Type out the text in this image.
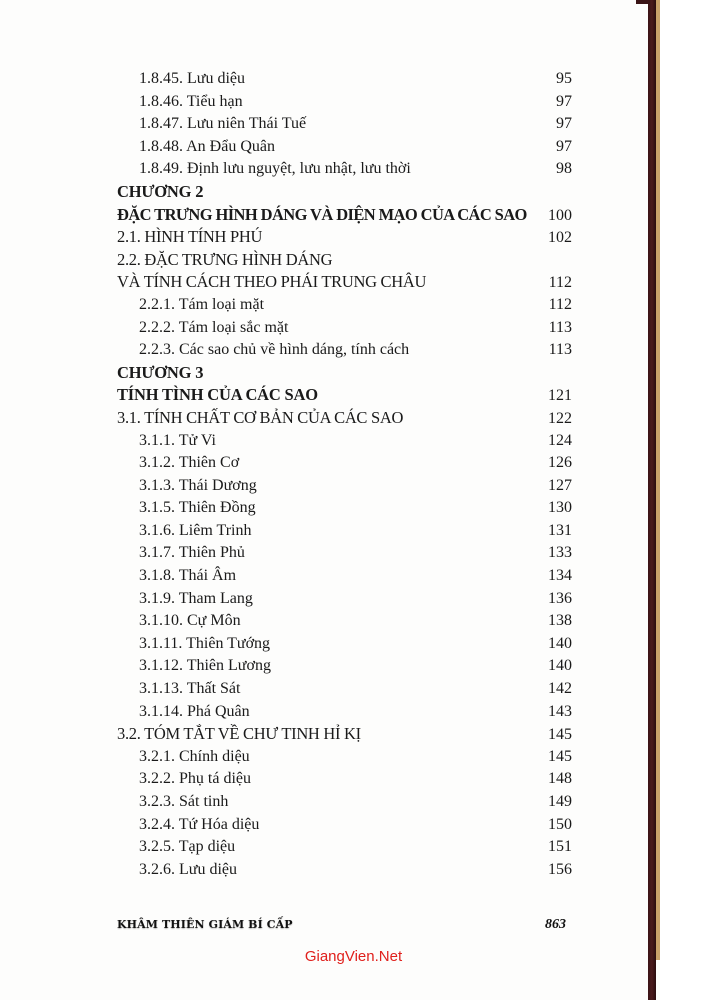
1.8.45. Lưu diệu	95
1.8.46. Tiểu hạn	97
1.8.47. Lưu niên Thái Tuế	97
1.8.48. An Đẩu Quân	97
1.8.49. Định lưu nguyệt, lưu nhật, lưu thời	98
CHƯƠNG 2
ĐẶC TRƯNG HÌNH DÁNG VÀ DIỆN MẠO CỦA CÁC SAO	100
2.1. HÌNH TÍNH PHÚ	102
2.2. ĐẶC TRƯNG HÌNH DÁNG
VÀ TÍNH CÁCH THEO PHÁI TRUNG CHÂU	112
2.2.1. Tám loại mặt	112
2.2.2. Tám loại sắc mặt	113
2.2.3. Các sao chủ về hình dáng, tính cách	113
CHƯƠNG 3
TÍNH TÌNH CỦA CÁC SAO	121
3.1. TÍNH CHẤT CƠ BẢN CỦA CÁC SAO	122
3.1.1. Tử Vi	124
3.1.2. Thiên Cơ	126
3.1.3. Thái Dương	127
3.1.5. Thiên Đồng	130
3.1.6. Liêm Trinh	131
3.1.7. Thiên Phủ	133
3.1.8. Thái Âm	134
3.1.9. Tham Lang	136
3.1.10. Cự Môn	138
3.1.11. Thiên Tướng	140
3.1.12. Thiên Lương	140
3.1.13. Thất Sát	142
3.1.14. Phá Quân	143
3.2. TÓM TẮT VỀ CHƯ TINH HỈ KỊ	145
3.2.1. Chính diệu	145
3.2.2. Phụ tá diệu	148
3.2.3. Sát tinh	149
3.2.4. Tứ Hóa diệu	150
3.2.5. Tạp diệu	151
3.2.6. Lưu diệu	156
KHÂM THIÊN GIÁM BÍ CẤP	863
GiangVien.Net
